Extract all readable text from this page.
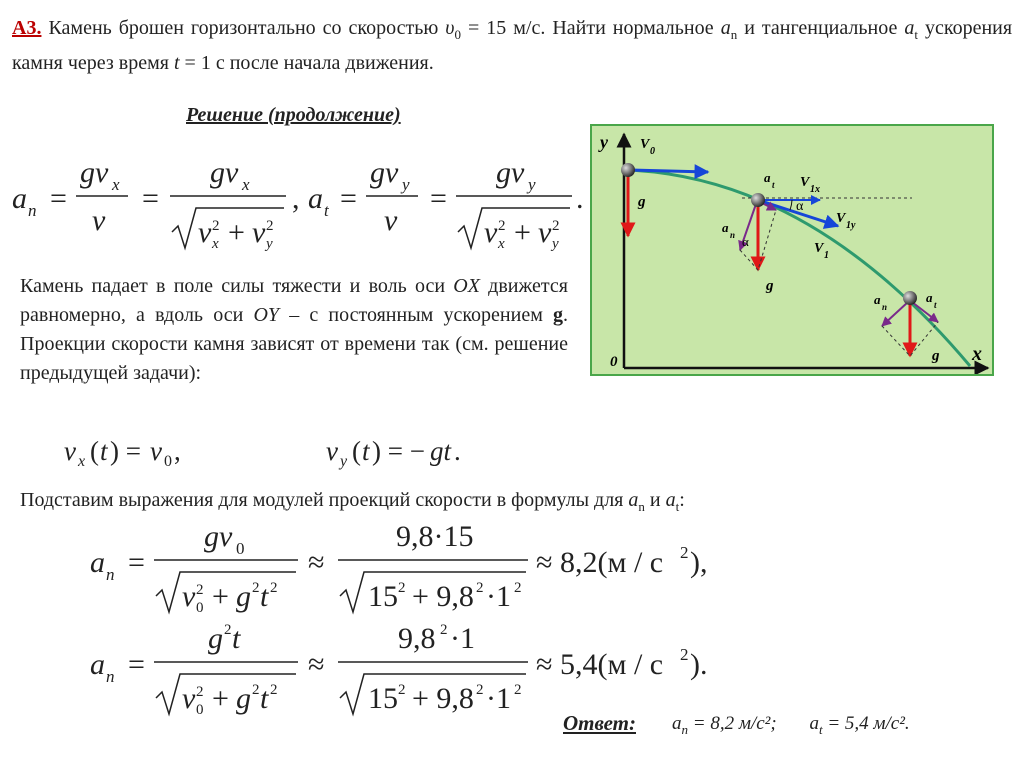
А3. Камень брошен горизонтально со скоростью $\upsilon_0 = 15$ м/с. Найти нормальное $a_n$ и тангенциальное $a_t$ ускорения камня через время t = 1 с после начала движения.
Решение (продолжение)
a n =
gv x
v
=
gv x
v 2
x + v 2
y
, a t =
gv y
v
=
gv y
v 2
x + v 2
y
.
Камень падает в поле силы тяжести и воль оси OX движется равномерно, а вдоль оси OY – с постоянным ускорением g. Проекции скорости камня зависят от времени так (см. решение предыдущей задачи):
v x ( t ) = v 0 ,	v y ( t ) = − gt .
Подставим выражения для модулей проекций скорости в формулы для $a_n$ и $a_t$:
a n =
gv 0
v 2
0 + g 2 t 2
≈
9,8·15
15 2 + 9,8 2 ·1 2
≈ 8,2(м / с 2 ),
a n =
g 2 t
v 2
0 + g 2 t 2
≈
9,8 2 ·1
15 2 + 9,8 2 ·1 2
≈ 5,4(м / с 2 ).
Ответ: $a_n = 8,2$ м/с²; $a_t = 5,4$ м/с².
y
x
0
V 0
g	α
α
V 1x
V 1y
V 1
g
a t
a n
a n
a t
g
